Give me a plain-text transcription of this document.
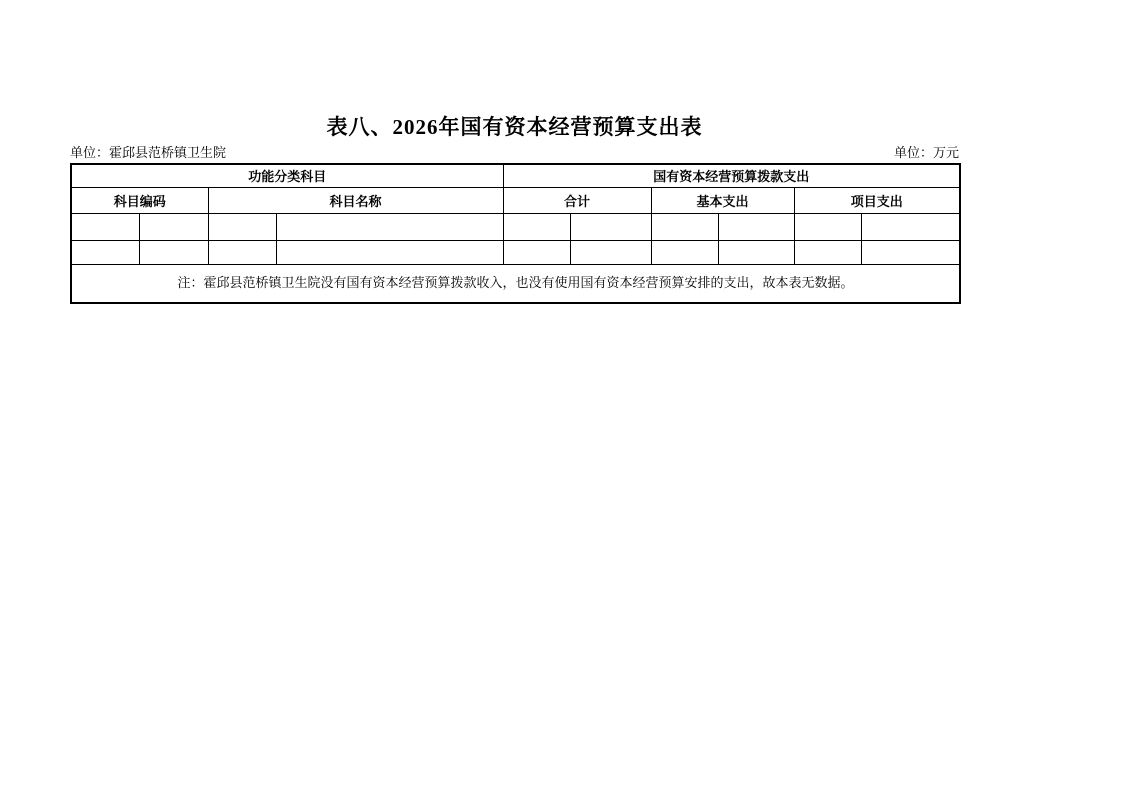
表八、2026年国有资本经营预算支出表
单位：霍邱县范桥镇卫生院	单位：万元
功能分类科目				国有资本经营预算拨款支出					
科目编码		科目名称		合计		基本支出		项目支出	

注：霍邱县范桥镇卫生院没有国有资本经营预算拨款收入，也没有使用国有资本经营预算安排的支出，故本表无数据。									
